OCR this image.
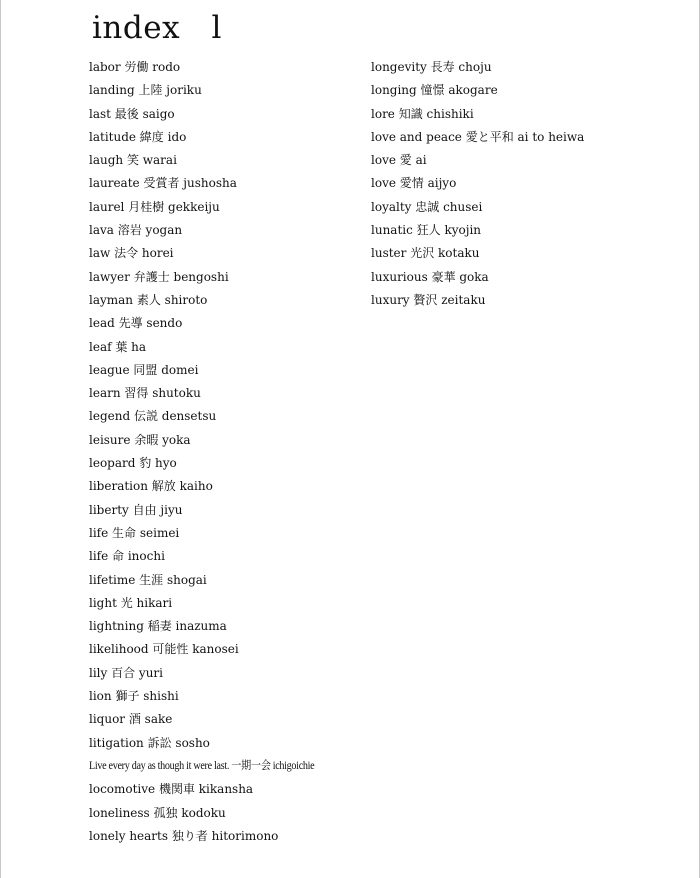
index　l
labor 労働 rodo
landing 上陸 joriku
last 最後 saigo
latitude 緯度 ido
laugh 笑 warai
laureate 受賞者 jushosha
laurel 月桂樹 gekkeiju
lava 溶岩 yogan
law 法令 horei
lawyer 弁護士 bengoshi
layman 素人 shiroto
lead 先導 sendo
leaf 葉 ha
league 同盟 domei
learn 習得 shutoku
legend 伝説 densetsu
leisure 余暇 yoka
leopard 豹 hyo
liberation 解放 kaiho
liberty 自由 jiyu
life 生命 seimei
life 命 inochi
lifetime 生涯 shogai
light 光 hikari
lightning 稲妻 inazuma
likelihood 可能性 kanosei
lily 百合 yuri
lion 獅子 shishi
liquor 酒 sake
litigation 訴訟 sosho
Live every day as though it were last. 一期一会 ichigoichie
locomotive 機関車 kikansha
loneliness 孤独 kodoku
lonely hearts 独り者 hitorimono
longevity 長寿 choju
longing 憧憬 akogare
lore 知識 chishiki
love and peace 愛と平和 ai to heiwa
love 愛 ai
love 愛情 aijyo
loyalty 忠誠 chusei
lunatic 狂人 kyojin
luster 光沢 kotaku
luxurious 豪華 goka
luxury 贅沢 zeitaku
